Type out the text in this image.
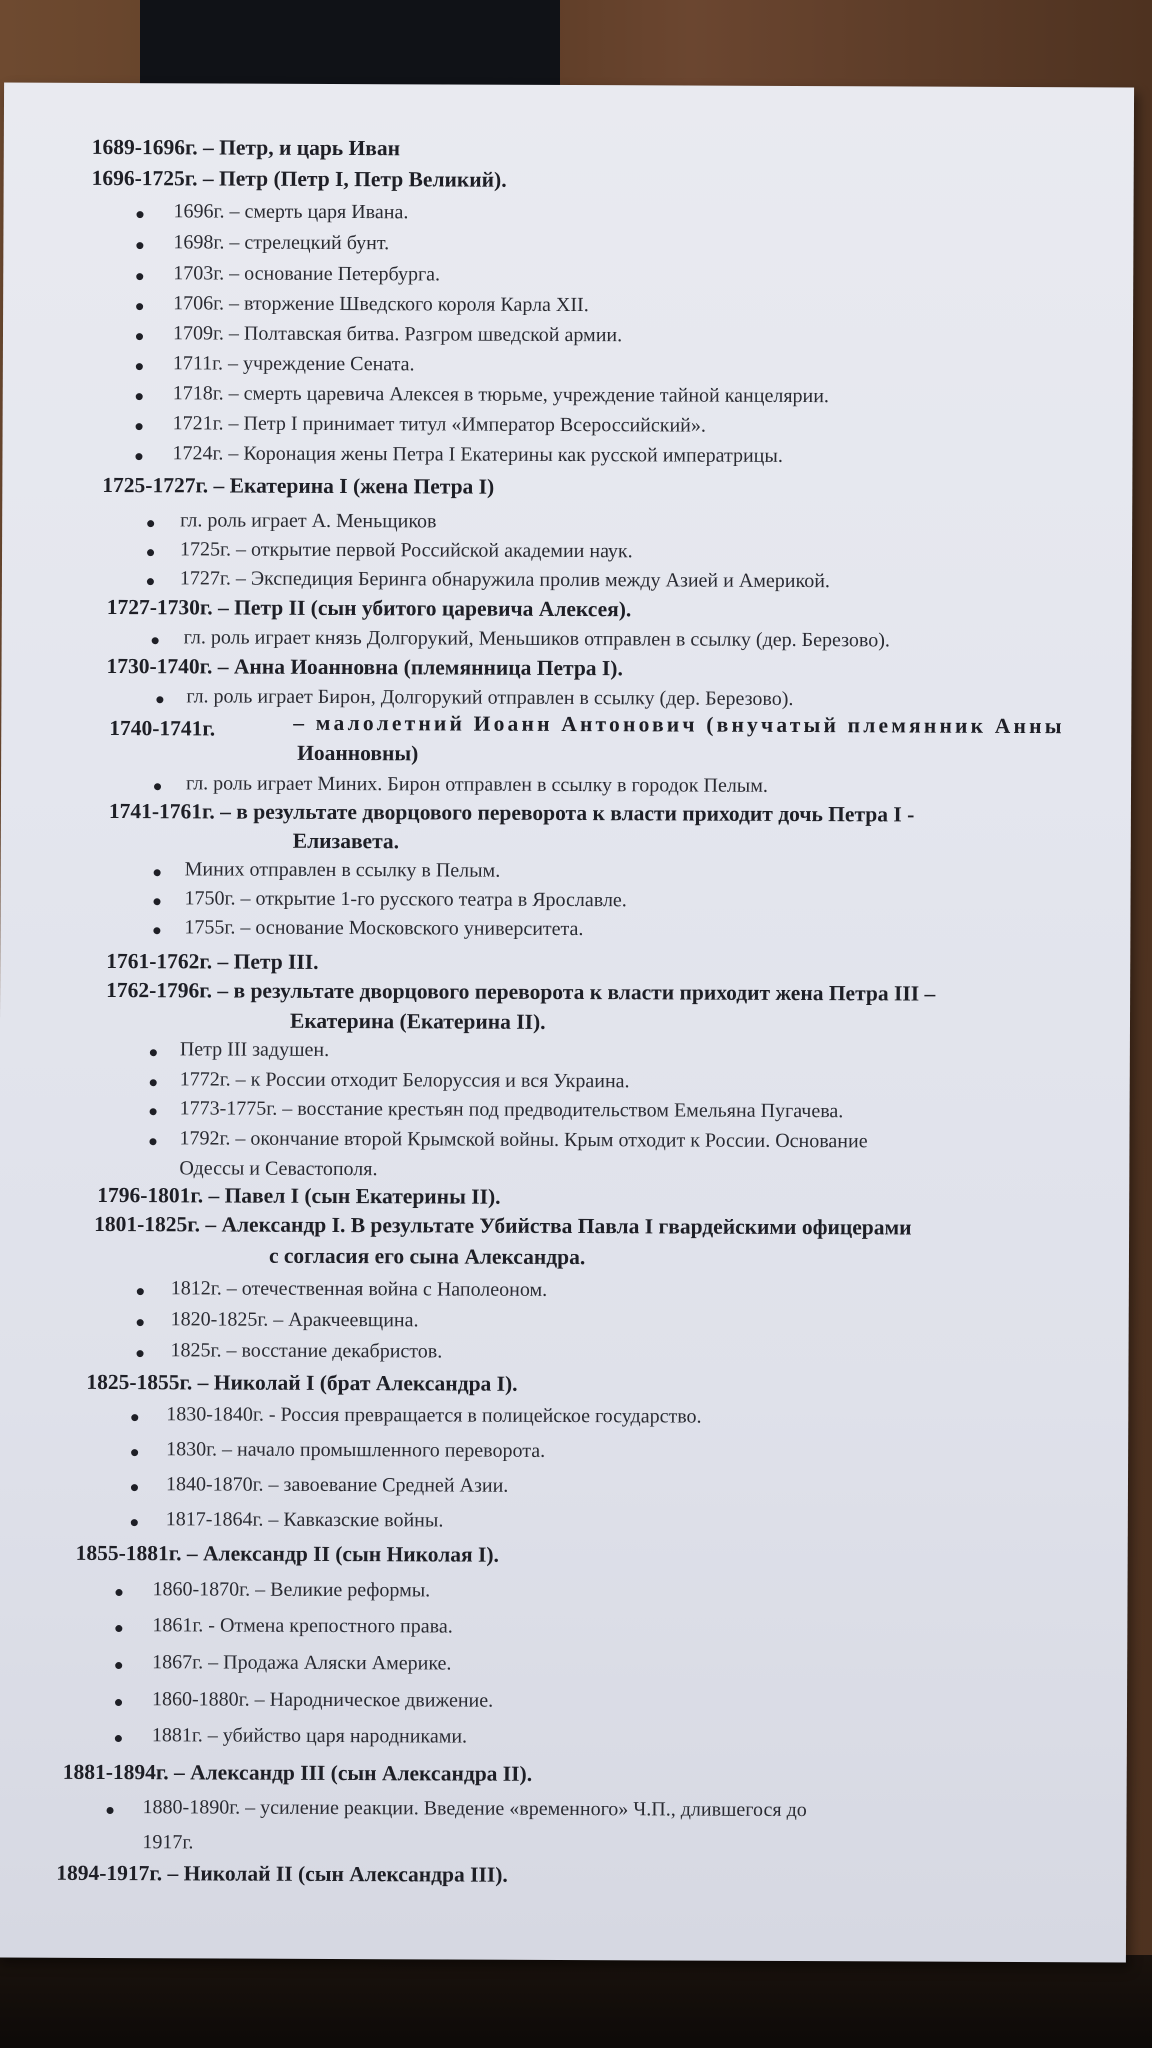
1689-1696г. – Петр, и царь Иван
1696-1725г. – Петр (Петр I, Петр Великий).
1696г. – смерть царя Ивана.
1698г. – стрелецкий бунт.
1703г. – основание Петербурга.
1706г. – вторжение Шведского короля Карла XII.
1709г. – Полтавская битва. Разгром шведской армии.
1711г. – учреждение Сената.
1718г. – смерть царевича Алексея в тюрьме, учреждение тайной канцелярии.
1721г. – Петр I принимает титул «Император Всероссийский».
1724г. – Коронация жены Петра I Екатерины как русской императрицы.
1725-1727г. – Екатерина I (жена Петра I)
гл. роль играет А. Меньщиков
1725г. – открытие первой Российской академии наук.
1727г. – Экспедиция Беринга обнаружила пролив между Азией и Америкой.
1727-1730г. – Петр II (сын убитого царевича Алексея).
гл. роль играет князь Долгорукий, Меньшиков отправлен в ссылку (дер. Березово).
1730-1740г. – Анна Иоанновна (племянница Петра I).
гл. роль играет Бирон, Долгорукий отправлен в ссылку (дер. Березово).
1740-1741г.	– малолетний Иоанн Антонович (внучатый племянник Анны
Иоанновны)
гл. роль играет Миних. Бирон отправлен в ссылку в городок Пелым.
1741-1761г. – в результате дворцового переворота к власти приходит дочь Петра I -
Елизавета.
Миних отправлен в ссылку в Пелым.
1750г. – открытие 1-го русского театра в Ярославле.
1755г. – основание Московского университета.
1761-1762г. – Петр III.
1762-1796г. – в результате дворцового переворота к власти приходит жена Петра III –
Екатерина (Екатерина II).
Петр III задушен.
1772г. – к России отходит Белоруссия и вся Украина.
1773-1775г. – восстание крестьян под предводительством Емельяна Пугачева.
1792г. – окончание второй Крымской войны. Крым отходит к России. Основание
Одессы и Севастополя.
1796-1801г. – Павел I (сын Екатерины II).
1801-1825г. – Александр I. В результате Убийства Павла I гвардейскими офицерами
с согласия его сына Александра.
1812г. – отечественная война с Наполеоном.
1820-1825г. – Аракчеевщина.
1825г. – восстание декабристов.
1825-1855г. – Николай I (брат Александра I).
1830-1840г. - Россия превращается в полицейское государство.
1830г. – начало промышленного переворота.
1840-1870г. – завоевание Средней Азии.
1817-1864г. – Кавказские войны.
1855-1881г. – Александр II (сын Николая I).
1860-1870г. – Великие реформы.
1861г. - Отмена крепостного права.
1867г. – Продажа Аляски Америке.
1860-1880г. – Народническое движение.
1881г. – убийство царя народниками.
1881-1894г. – Александр III (сын Александра II).
1880-1890г. – усиление реакции. Введение «временного» Ч.П., длившегося до
1917г.
1894-1917г. – Николай II (сын Александра III).
